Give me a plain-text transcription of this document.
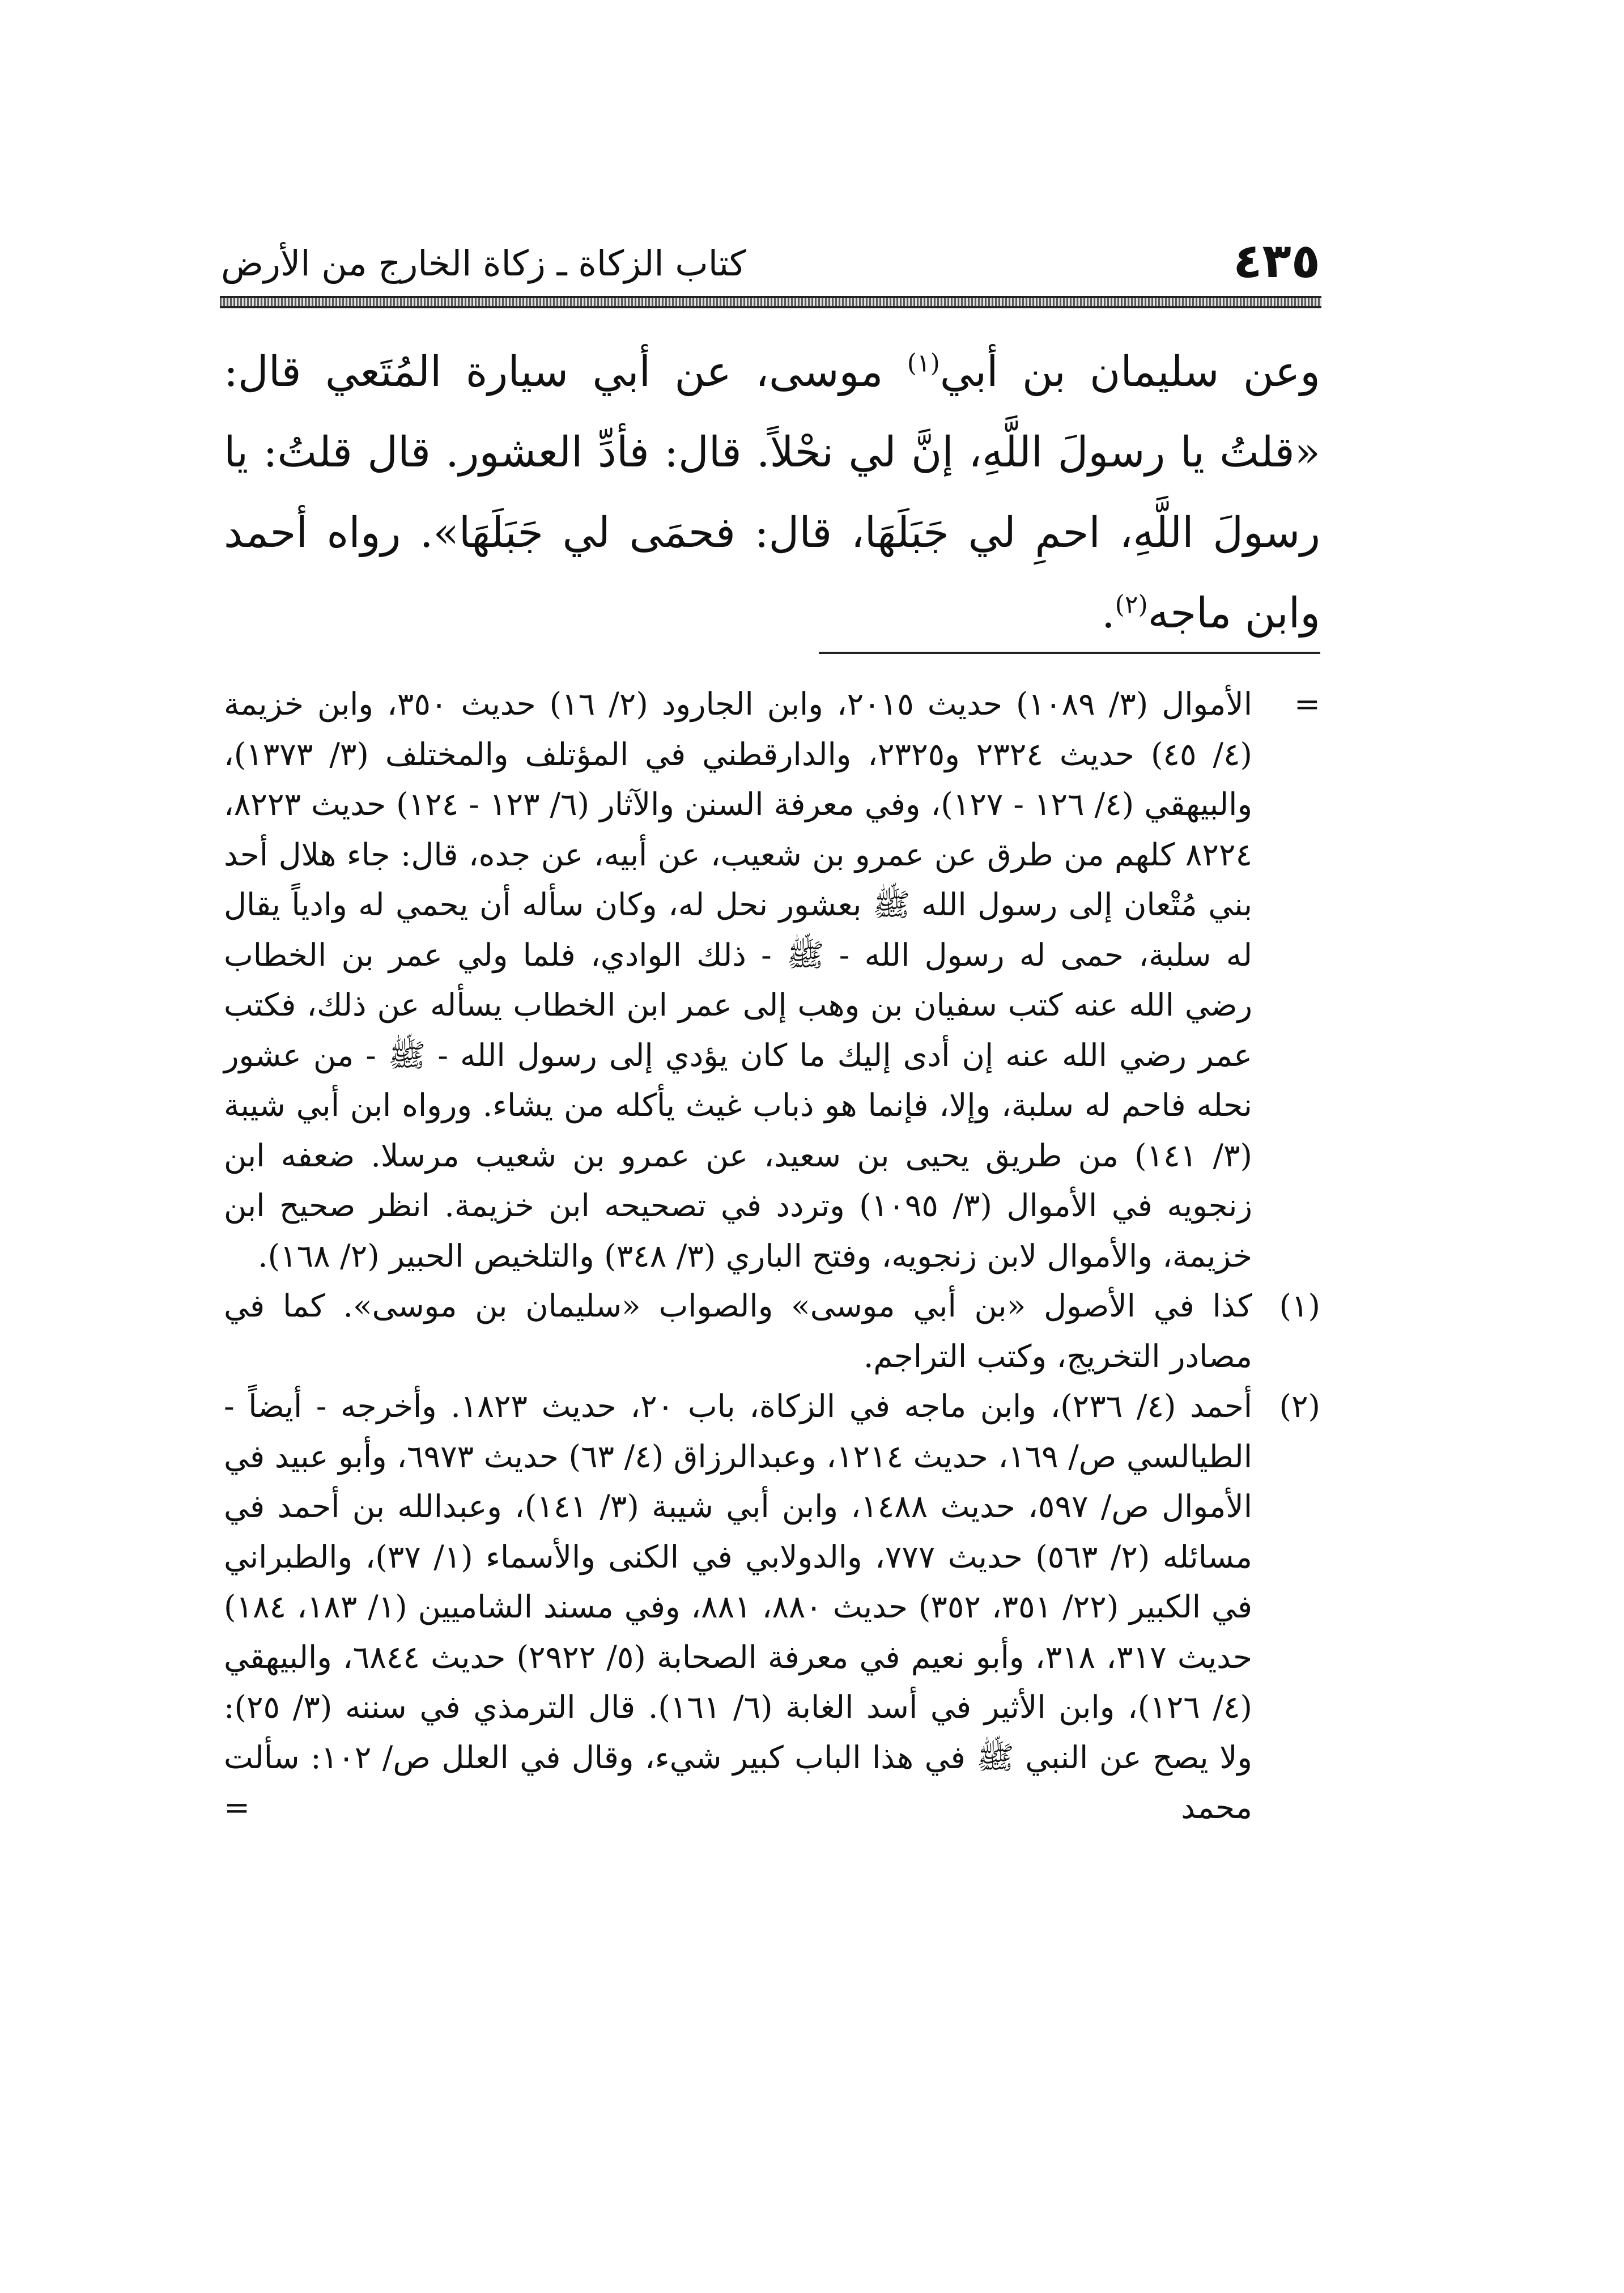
٤٣٥
كتاب الزكاة ـ زكاة الخارج من الأرض
وعن سليمان بن أبي$^{(١)}$ موسى، عن أبي سيارة المُتَعي قال: «قلتُ يا رسولَ اللَّهِ، إنَّ لي نحْلاً. قال: فأدِّ العشور. قال قلتُ: يا رسولَ اللَّهِ، احمِ لي جَبَلَهَا، قال: فحمَى لي جَبَلَهَا». رواه أحمد وابن ماجه$^{(٢)}$.
=
الأموال (٣/ ١٠٨٩) حديث ٢٠١٥، وابن الجارود (٢/ ١٦) حديث ٣٥٠، وابن خزيمة (٤/ ٤٥) حديث ٢٣٢٤ و٢٣٢٥، والدارقطني في المؤتلف والمختلف (٣/ ١٣٧٣)، والبيهقي (٤/ ١٢٦ - ١٢٧)، وفي معرفة السنن والآثار (٦/ ١٢٣ - ١٢٤) حديث ٨٢٢٣، ٨٢٢٤ كلهم من طرق عن عمرو بن شعيب، عن أبيه، عن جده، قال: جاء هلال أحد بني مُتْعان إلى رسول الله ﷺ بعشور نحل له، وكان سأله أن يحمي له وادياً يقال له سلبة، حمى له رسول الله - ﷺ - ذلك الوادي، فلما ولي عمر بن الخطاب رضي الله عنه كتب سفيان بن وهب إلى عمر ابن الخطاب يسأله عن ذلك، فكتب عمر رضي الله عنه إن أدى إليك ما كان يؤدي إلى رسول الله - ﷺ - من عشور نحله فاحم له سلبة، وإلا، فإنما هو ذباب غيث يأكله من يشاء. ورواه ابن أبي شيبة (٣/ ١٤١) من طريق يحيى بن سعيد، عن عمرو بن شعيب مرسلا. ضعفه ابن زنجويه في الأموال (٣/ ١٠٩٥) وتردد في تصحيحه ابن خزيمة. انظر صحيح ابن خزيمة، والأموال لابن زنجويه، وفتح الباري (٣/ ٣٤٨) والتلخيص الحبير (٢/ ١٦٨).
(١)
كذا في الأصول «بن أبي موسى» والصواب «سليمان بن موسى». كما في مصادر التخريج، وكتب التراجم.
(٢)
أحمد (٤/ ٢٣٦)، وابن ماجه في الزكاة، باب ٢٠، حديث ١٨٢٣. وأخرجه - أيضاً - الطيالسي ص/ ١٦٩، حديث ١٢١٤، وعبدالرزاق (٤/ ٦٣) حديث ٦٩٧٣، وأبو عبيد في الأموال ص/ ٥٩٧، حديث ١٤٨٨، وابن أبي شيبة (٣/ ١٤١)، وعبدالله بن أحمد في مسائله (٢/ ٥٦٣) حديث ٧٧٧، والدولابي في الكنى والأسماء (١/ ٣٧)، والطبراني في الكبير (٢٢/ ٣٥١، ٣٥٢) حديث ٨٨٠، ٨٨١، وفي مسند الشاميين (١/ ١٨٣، ١٨٤) حديث ٣١٧، ٣١٨، وأبو نعيم في معرفة الصحابة (٥/ ٢٩٢٢) حديث ٦٨٤٤، والبيهقي (٤/ ١٢٦)، وابن الأثير في أسد الغابة (٦/ ١٦١). قال الترمذي في سننه (٣/ ٢٥): ولا يصح عن النبي ﷺ في هذا الباب كبير شيء، وقال في العلل ص/ ١٠٢: سألت محمد =
